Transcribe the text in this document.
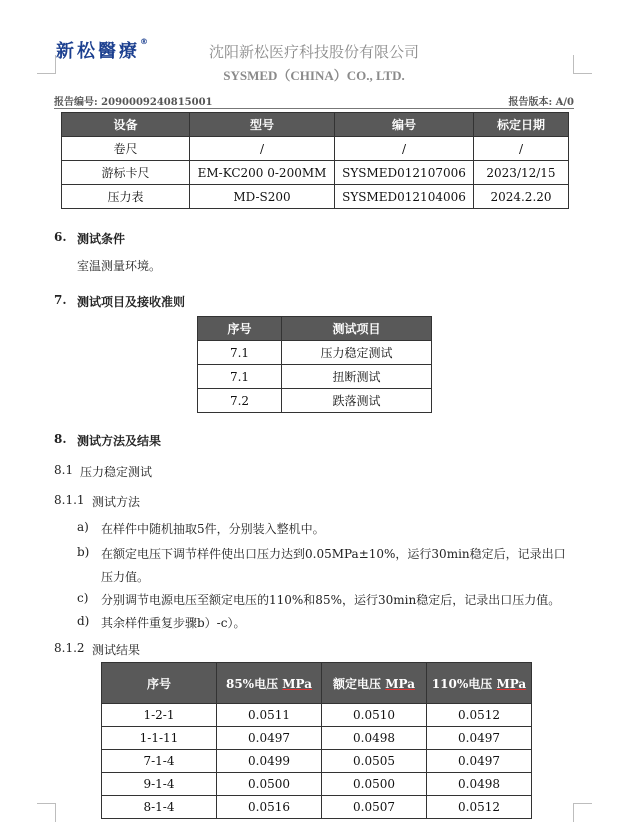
新松醫療®
沈阳新松医疗科技股份有限公司
SYSMED（CHINA）CO., LTD.
报告编号: 2090009240815001	报告版本: A/0
设备	型号	编号	标定日期
卷尺	/	/	/
游标卡尺	EM-KC200 0-200MM	SYSMED012107006	2023/12/15
压力表	MD-S200	SYSMED012104006	2024.2.20
6. 测试条件
室温测量环境。
7. 测试项目及接收准则
序号	测试项目
7.1	压力稳定测试
7.1	扭断测试
7.2	跌落测试
8. 测试方法及结果
8.1 压力稳定测试
8.1.1 测试方法
a) 在样件中随机抽取5件，分别装入整机中。
b) 在额定电压下调节样件使出口压力达到0.05MPa±10%，运行30min稳定后，记录出口
压力值。
c) 分别调节电源电压至额定电压的110%和85%，运行30min稳定后，记录出口压力值。
d) 其余样件重复步骤b）-c）。
8.1.2 测试结果
序号	85%电压 MPa	额定电压 MPa	110%电压 MPa
1-2-1	0.0511	0.0510	0.0512
1-1-11	0.0497	0.0498	0.0497
7-1-4	0.0499	0.0505	0.0497
9-1-4	0.0500	0.0500	0.0498
8-1-4	0.0516	0.0507	0.0512
